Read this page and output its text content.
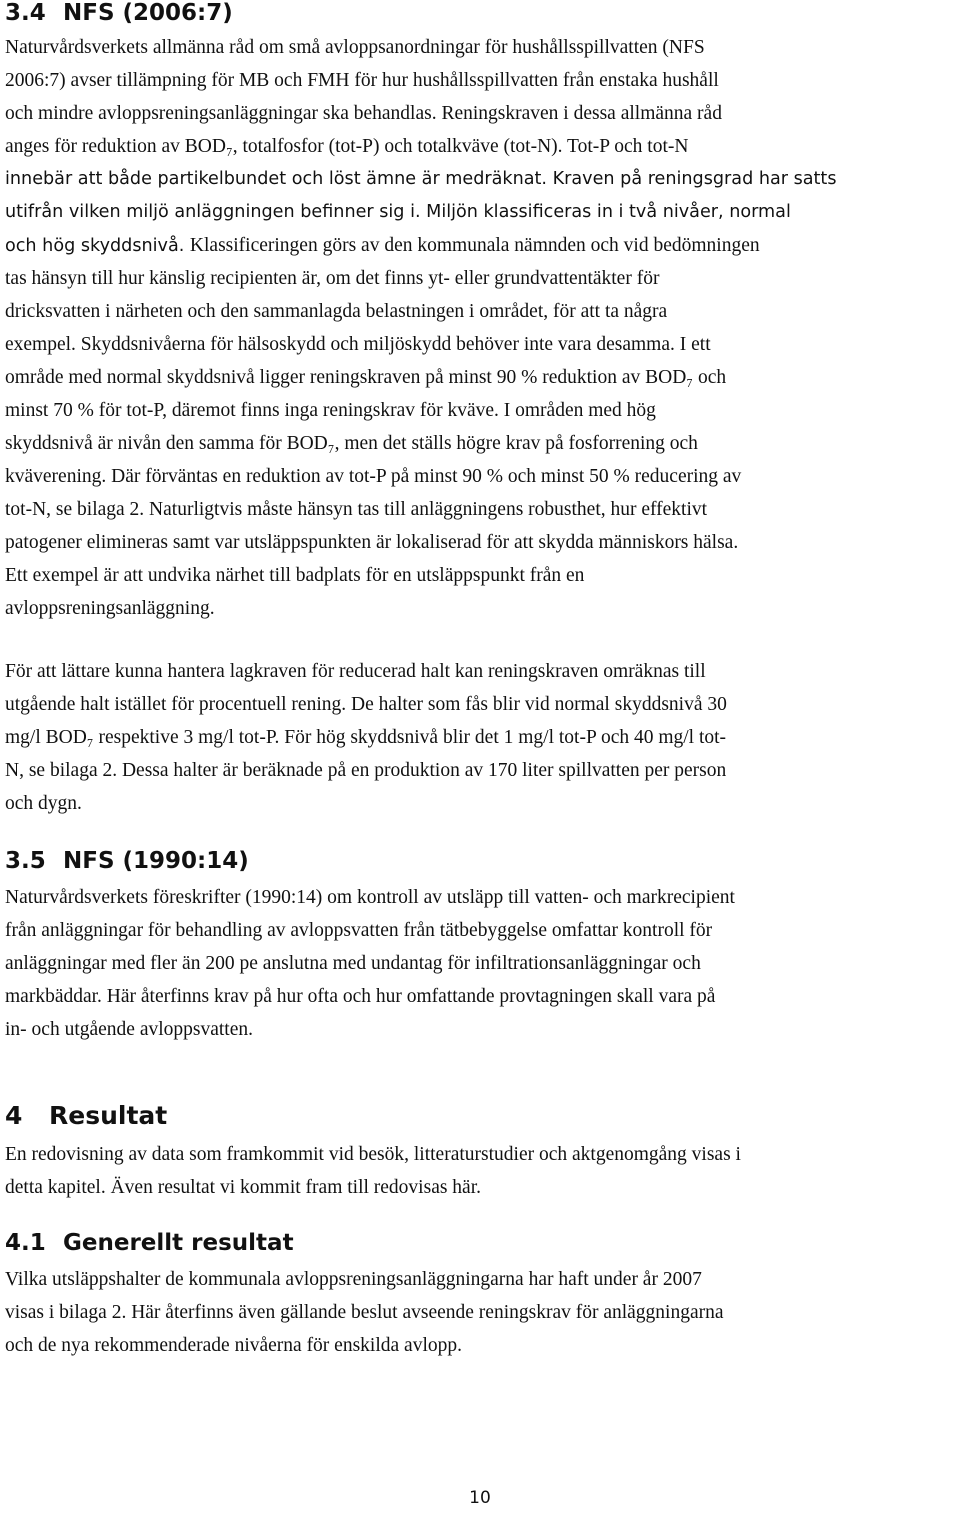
3.4 NFS (2006:7)
Naturvårdsverkets allmänna råd om små avloppsanordningar för hushållsspillvatten (NFS
2006:7) avser tillämpning för MB och FMH för hur hushållsspillvatten från enstaka hushåll
och mindre avloppsreningsanläggningar ska behandlas. Reningskraven i dessa allmänna råd
anges för reduktion av BOD₇, totalfosfor (tot-P) och totalkväve (tot-N). Tot-P och tot-N
innebär att både partikelbundet och löst ämne är medräknat. Kraven på reningsgrad har satts
utifrån vilken miljö anläggningen befinner sig i. Miljön klassificeras in i två nivåer, normal
och hög skyddsnivå. Klassificeringen görs av den kommunala nämnden och vid bedömningen
tas hänsyn till hur känslig recipienten är, om det finns yt- eller grundvattentäkter för
dricksvatten i närheten och den sammanlagda belastningen i området, för att ta några
exempel. Skyddsnivåerna för hälsoskydd och miljöskydd behöver inte vara desamma. I ett
område med normal skyddsnivå ligger reningskraven på minst 90 % reduktion av BOD₇ och
minst 70 % för tot-P, däremot finns inga reningskrav för kväve. I områden med hög
skyddsnivå är nivån den samma för BOD₇, men det ställs högre krav på fosforrening och
kväverening. Där förväntas en reduktion av tot-P på minst 90 % och minst 50 % reducering av
tot-N, se bilaga 2. Naturligtvis måste hänsyn tas till anläggningens robusthet, hur effektivt
patogener elimineras samt var utsläppspunkten är lokaliserad för att skydda människors hälsa.
Ett exempel är att undvika närhet till badplats för en utsläppspunkt från en
avloppsreningsanläggning.
För att lättare kunna hantera lagkraven för reducerad halt kan reningskraven omräknas till
utgående halt istället för procentuell rening. De halter som fås blir vid normal skyddsnivå 30
mg/l BOD₇ respektive 3 mg/l tot-P. För hög skyddsnivå blir det 1 mg/l tot-P och 40 mg/l tot-
N, se bilaga 2. Dessa halter är beräknade på en produktion av 170 liter spillvatten per person
och dygn.
3.5 NFS (1990:14)
Naturvårdsverkets föreskrifter (1990:14) om kontroll av utsläpp till vatten- och markrecipient
från anläggningar för behandling av avloppsvatten från tätbebyggelse omfattar kontroll för
anläggningar med fler än 200 pe anslutna med undantag för infiltrationsanläggningar och
markbäddar. Här återfinns krav på hur ofta och hur omfattande provtagningen skall vara på
in- och utgående avloppsvatten.
4 Resultat
En redovisning av data som framkommit vid besök, litteraturstudier och aktgenomgång visas i
detta kapitel. Även resultat vi kommit fram till redovisas här.
4.1 Generellt resultat
Vilka utsläppshalter de kommunala avloppsreningsanläggningarna har haft under år 2007
visas i bilaga 2. Här återfinns även gällande beslut avseende reningskrav för anläggningarna
och de nya rekommenderade nivåerna för enskilda avlopp.
10
